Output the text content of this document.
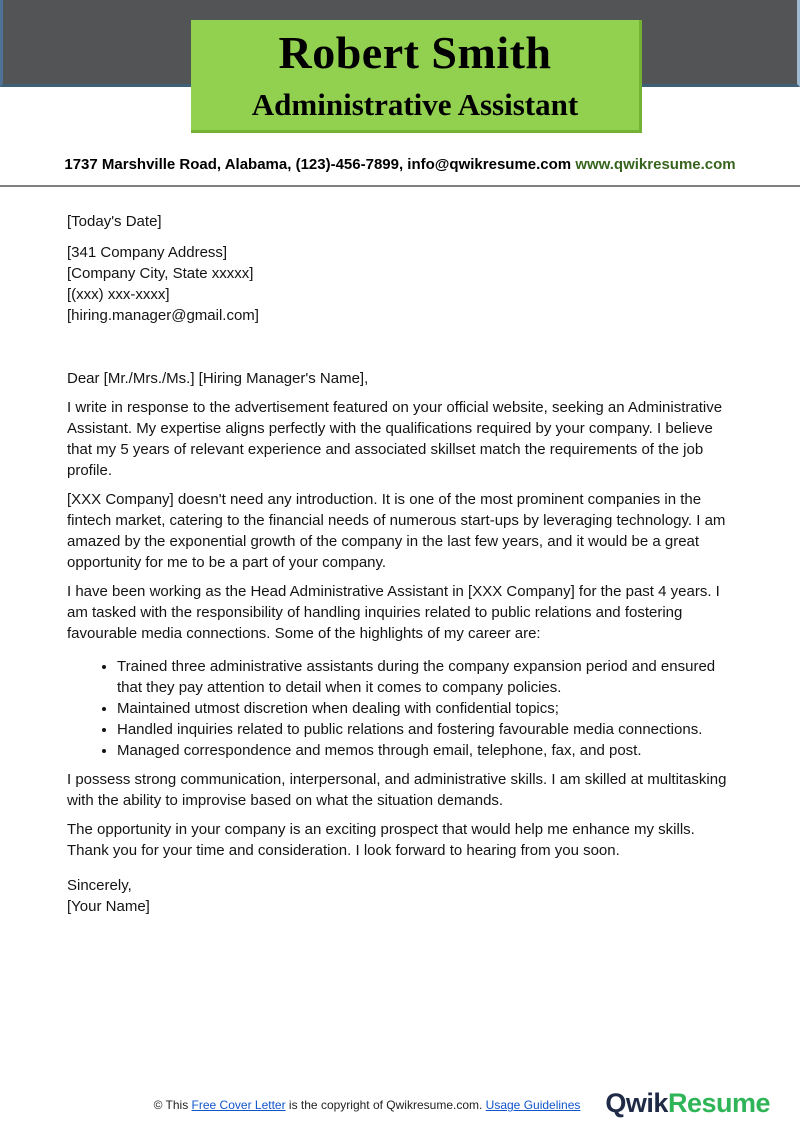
Robert Smith
Administrative Assistant
1737 Marshville Road, Alabama, (123)-456-7899, info@qwikresume.com www.qwikresume.com

[Today's Date]

[341 Company Address]

[Company City, State xxxxx]

[(xxx) xxx-xxxx]

[hiring.manager@gmail.com]

Dear [Mr./Mrs./Ms.] [Hiring Manager's Name],

I write in response to the advertisement featured on your official website, seeking an Administrative Assistant. My expertise aligns perfectly with the qualifications required by your company. I believe that my 5 years of relevant experience and associated skillset match the requirements of the job profile.

[XXX Company] doesn't need any introduction. It is one of the most prominent companies in the fintech market, catering to the financial needs of numerous start-ups by leveraging technology. I am amazed by the exponential growth of the company in the last few years, and it would be a great opportunity for me to be a part of your company.

I have been working as the Head Administrative Assistant in [XXX Company] for the past 4 years. I am tasked with the responsibility of handling inquiries related to public relations and fostering favourable media connections. Some of the highlights of my career are:

• Trained three administrative assistants during the company expansion period and ensured that they pay attention to detail when it comes to company policies.
• Maintained utmost discretion when dealing with confidential topics;
• Handled inquiries related to public relations and fostering favourable media connections.
• Managed correspondence and memos through email, telephone, fax, and post.

I possess strong communication, interpersonal, and administrative skills. I am skilled at multitasking with the ability to improvise based on what the situation demands.

The opportunity in your company is an exciting prospect that would help me enhance my skills. Thank you for your time and consideration. I look forward to hearing from you soon.

Sincerely,
[Your Name]

© This Free Cover Letter is the copyright of Qwikresume.com. Usage Guidelines QwikResume
